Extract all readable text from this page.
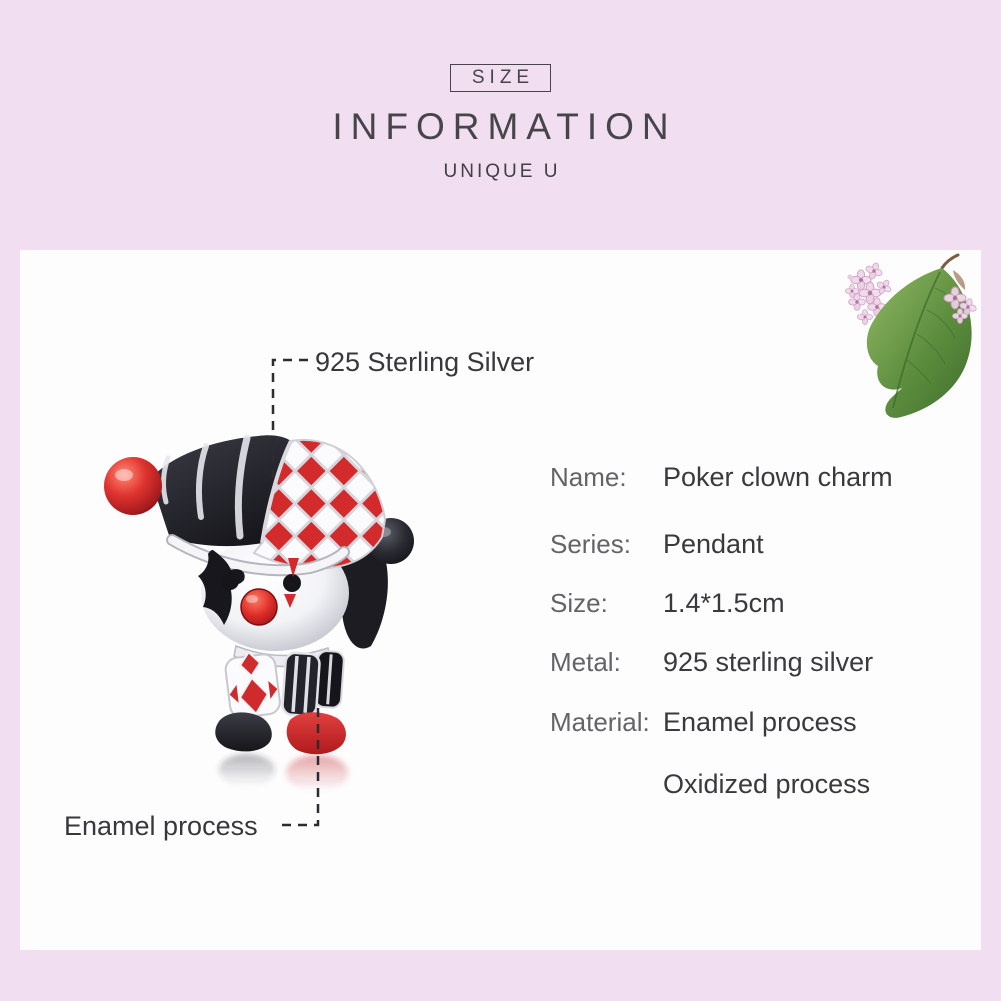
SIZE
INFORMATION
UNIQUE U
925 Sterling Silver
Enamel process
Name:	Poker clown charm
Series:	Pendant
Size:	1.4*1.5cm
Metal:	925 sterling silver
Material: Enamel process
Oxidized process
